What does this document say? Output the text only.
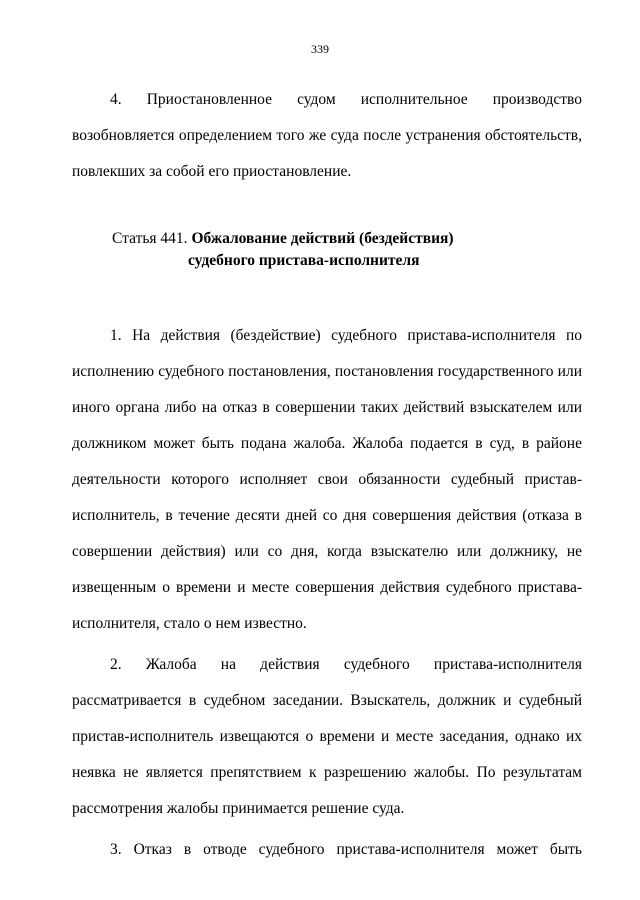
339

4. Приостановленное судом исполнительное производство возобновляется определением того же суда после устранения обстоятельств, повлекших за собой его приостановление.

Статья 441. Обжалование действий (бездействия)
судебного пристава-исполнителя

1. На действия (бездействие) судебного пристава-исполнителя по исполнению судебного постановления, постановления государственного или иного органа либо на отказ в совершении таких действий взыскателем или должником может быть подана жалоба. Жалоба подается в суд, в районе деятельности которого исполняет свои обязанности судебный пристав-исполнитель, в течение десяти дней со дня совершения действия (отказа в совершении действия) или со дня, когда взыскателю или должнику, не извещенным о времени и месте совершения действия судебного пристава-исполнителя, стало о нем известно.

2. Жалоба на действия судебного пристава-исполнителя рассматривается в судебном заседании. Взыскатель, должник и судебный пристав-исполнитель извещаются о времени и месте заседания, однако их неявка не является препятствием к разрешению жалобы. По результатам рассмотрения жалобы принимается решение суда.

3. Отказ в отводе судебного пристава-исполнителя может быть
